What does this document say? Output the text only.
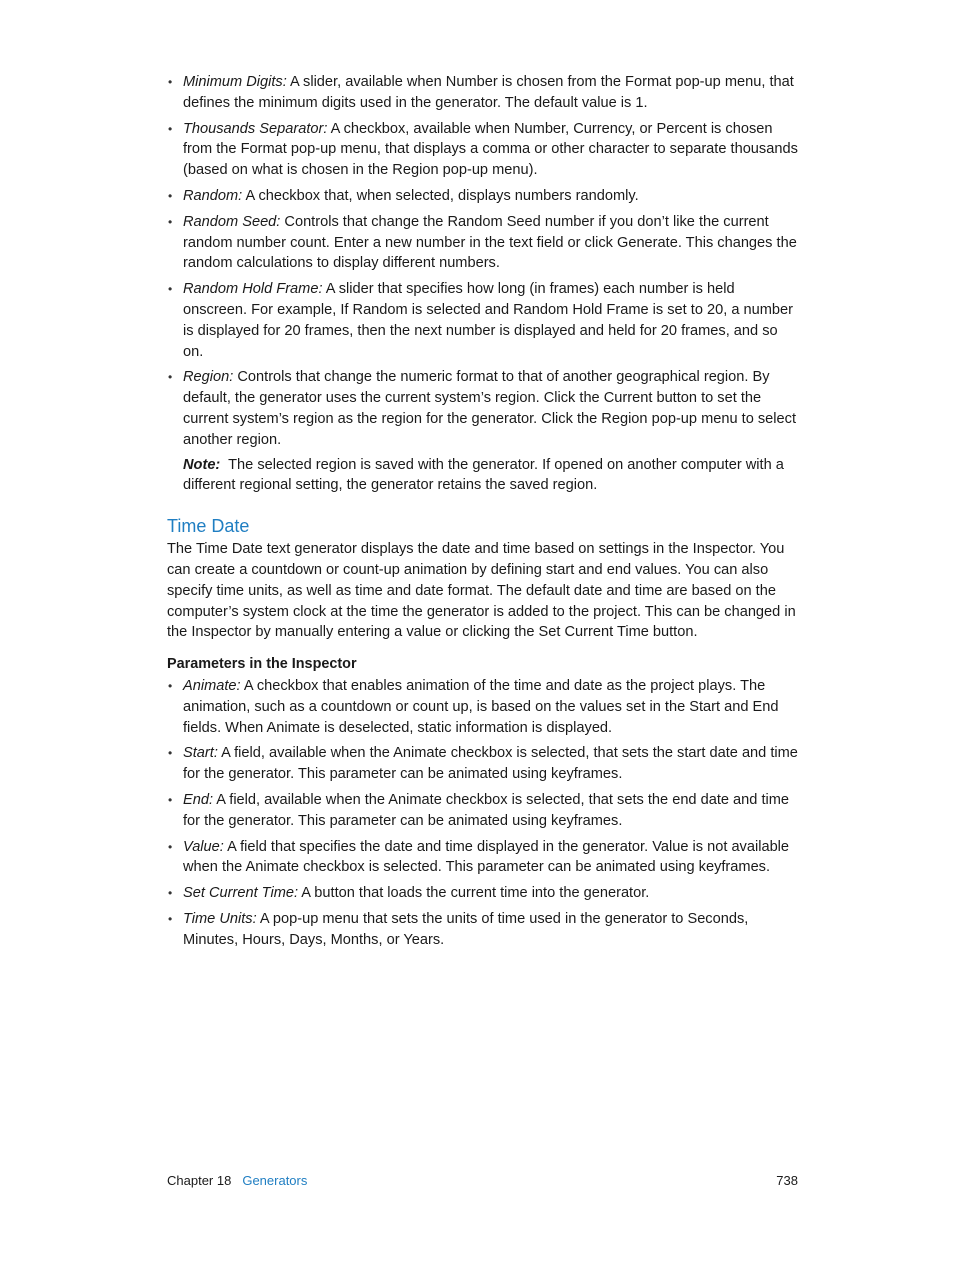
• Minimum Digits: A slider, available when Number is chosen from the Format pop-up menu, that defines the minimum digits used in the generator. The default value is 1.
• Thousands Separator: A checkbox, available when Number, Currency, or Percent is chosen from the Format pop-up menu, that displays a comma or other character to separate thousands (based on what is chosen in the Region pop-up menu).
• Random: A checkbox that, when selected, displays numbers randomly.
• Random Seed: Controls that change the Random Seed number if you don’t like the current random number count. Enter a new number in the text field or click Generate. This changes the random calculations to display different numbers.
• Random Hold Frame: A slider that specifies how long (in frames) each number is held onscreen. For example, If Random is selected and Random Hold Frame is set to 20, a number is displayed for 20 frames, then the next number is displayed and held for 20 frames, and so on.
• Region: Controls that change the numeric format to that of another geographical region. By default, the generator uses the current system’s region. Click the Current button to set the current system’s region as the region for the generator. Click the Region pop-up menu to select another region.

Note:  The selected region is saved with the generator. If opened on another computer with a different regional setting, the generator retains the saved region.

Time Date

The Time Date text generator displays the date and time based on settings in the Inspector. You can create a countdown or count-up animation by defining start and end values. You can also specify time units, as well as time and date format. The default date and time are based on the computer’s system clock at the time the generator is added to the project. This can be changed in the Inspector by manually entering a value or clicking the Set Current Time button.

Parameters in the Inspector
• Animate: A checkbox that enables animation of the time and date as the project plays. The animation, such as a countdown or count up, is based on the values set in the Start and End fields. When Animate is deselected, static information is displayed.
• Start: A field, available when the Animate checkbox is selected, that sets the start date and time for the generator. This parameter can be animated using keyframes.
• End: A field, available when the Animate checkbox is selected, that sets the end date and time for the generator. This parameter can be animated using keyframes.
• Value: A field that specifies the date and time displayed in the generator. Value is not available when the Animate checkbox is selected. This parameter can be animated using keyframes.
• Set Current Time: A button that loads the current time into the generator.
• Time Units: A pop-up menu that sets the units of time used in the generator to Seconds, Minutes, Hours, Days, Months, or Years.
Chapter 18 Generators	738
